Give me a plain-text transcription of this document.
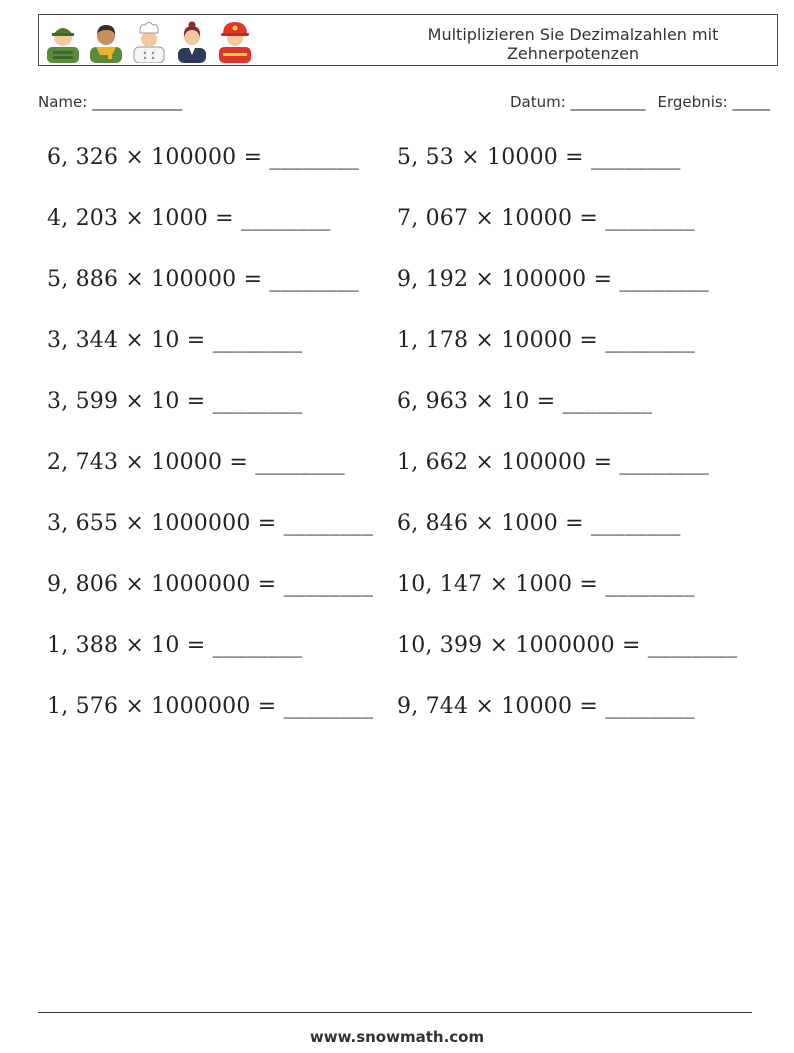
Multiplizieren Sie Dezimalzahlen mit
Zehnerpotenzen
Name: ____________	Datum: __________ Ergebnis: _____
6, 326 × 100000 = ________ 5, 53 × 10000 = ________
4, 203 × 1000 = ________	7, 067 × 10000 = ________
5, 886 × 100000 = ________ 9, 192 × 100000 = ________
3, 344 × 10 = ________	1, 178 × 10000 = ________
3, 599 × 10 = ________	6, 963 × 10 = ________
2, 743 × 10000 = ________ 1, 662 × 100000 = ________
3, 655 × 1000000 = ________ 6, 846 × 1000 = ________
9, 806 × 1000000 = ________ 10, 147 × 1000 = ________
1, 388 × 10 = ________	10, 399 × 1000000 = ________
1, 576 × 1000000 = ________ 9, 744 × 10000 = ________
www.snowmath.com
